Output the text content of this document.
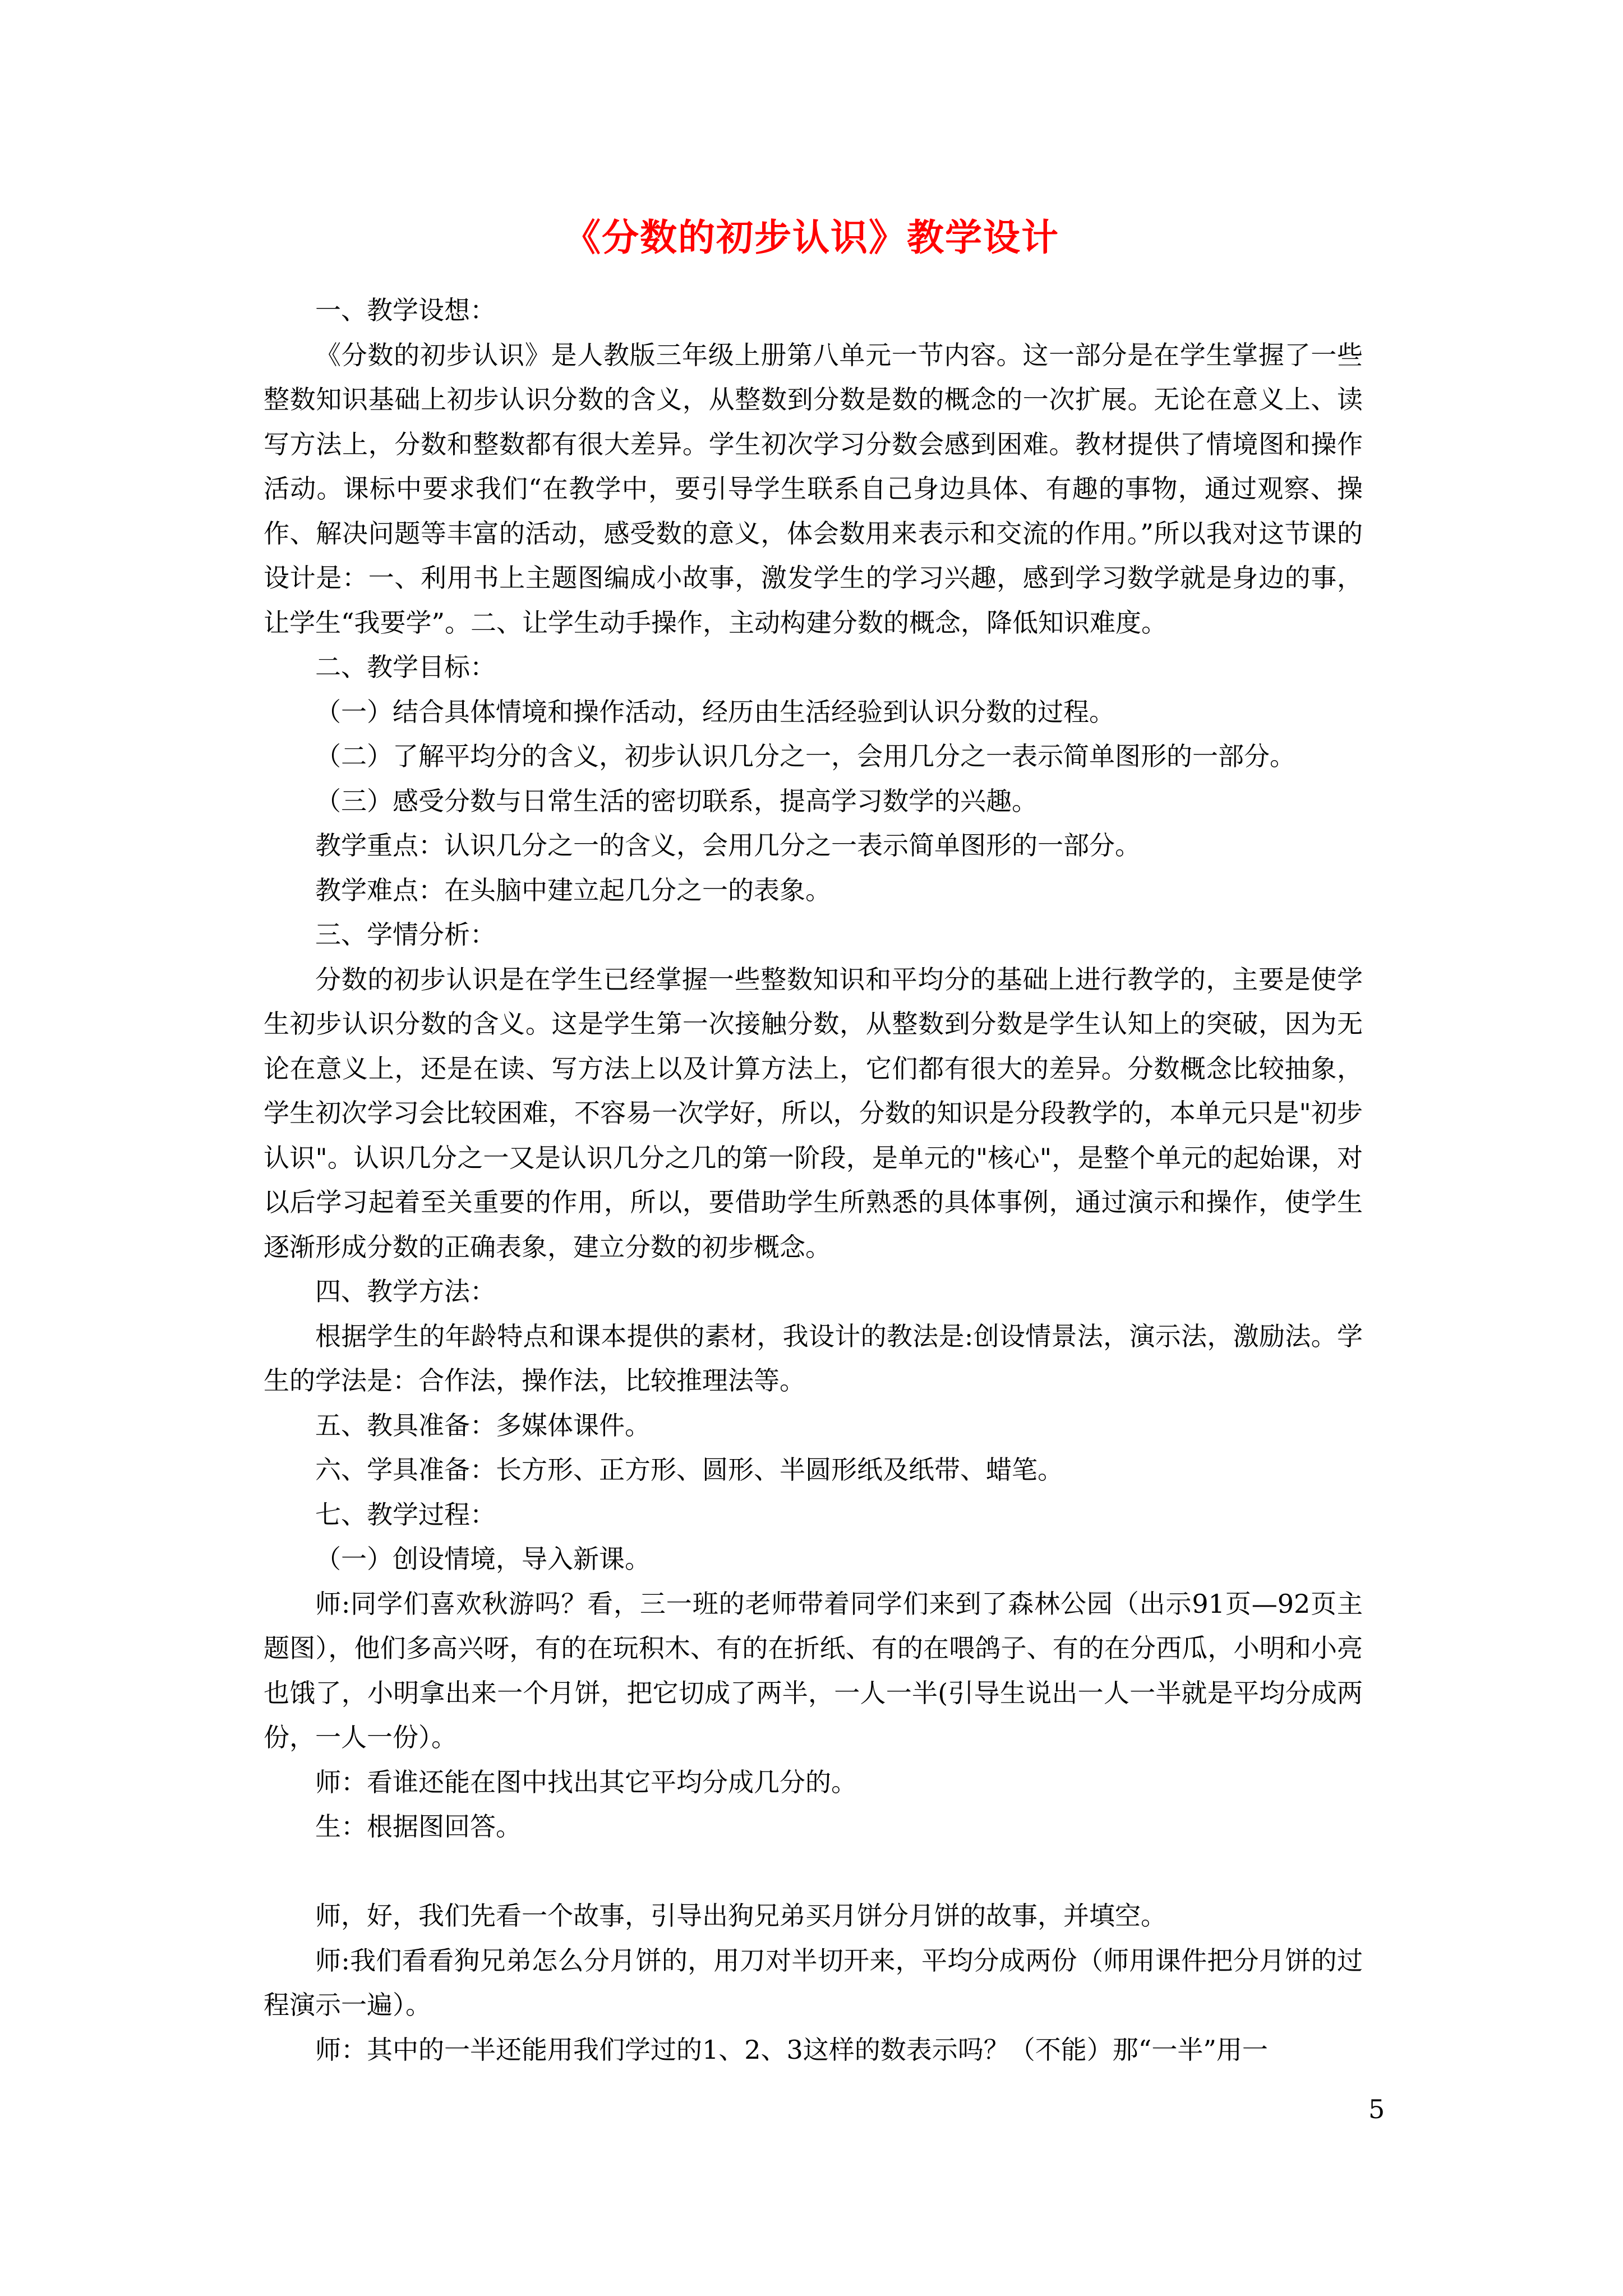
《分数的初步认识》教学设计

一、教学设想：

《分数的初步认识》是人教版三年级上册第八单元一节内容。这一部分是在学生掌握了一些整数知识基础上初步认识分数的含义，从整数到分数是数的概念的一次扩展。无论在意义上、读写方法上，分数和整数都有很大差异。学生初次学习分数会感到困难。教材提供了情境图和操作活动。课标中要求我们“在教学中，要引导学生联系自己身边具体、有趣的事物，通过观察、操作、解决问题等丰富的活动，感受数的意义，体会数用来表示和交流的作用。”所以我对这节课的设计是：一、利用书上主题图编成小故事，激发学生的学习兴趣，感到学习数学就是身边的事，让学生“我要学”。二、让学生动手操作，主动构建分数的概念，降低知识难度。

二、教学目标：

（一）结合具体情境和操作活动，经历由生活经验到认识分数的过程。

（二）了解平均分的含义，初步认识几分之一，会用几分之一表示简单图形的一部分。

（三）感受分数与日常生活的密切联系，提高学习数学的兴趣。

教学重点：认识几分之一的含义，会用几分之一表示简单图形的一部分。

教学难点：在头脑中建立起几分之一的表象。

三、学情分析：

分数的初步认识是在学生已经掌握一些整数知识和平均分的基础上进行教学的，主要是使学生初步认识分数的含义。这是学生第一次接触分数，从整数到分数是学生认知上的突破，因为无论在意义上，还是在读、写方法上以及计算方法上，它们都有很大的差异。分数概念比较抽象，学生初次学习会比较困难，不容易一次学好，所以，分数的知识是分段教学的，本单元只是"初步认识"。认识几分之一又是认识几分之几的第一阶段，是单元的"核心"，是整个单元的起始课，对以后学习起着至关重要的作用，所以，要借助学生所熟悉的具体事例，通过演示和操作，使学生逐渐形成分数的正确表象，建立分数的初步概念。

四、教学方法：

根据学生的年龄特点和课本提供的素材，我设计的教法是:创设情景法，演示法，激励法。学生的学法是：合作法，操作法，比较推理法等。

五、教具准备：多媒体课件。

六、学具准备：长方形、正方形、圆形、半圆形纸及纸带、蜡笔。

七、教学过程：

（一）创设情境，导入新课。

师:同学们喜欢秋游吗？看，三一班的老师带着同学们来到了森林公园（出示91页—92页主题图），他们多高兴呀，有的在玩积木、有的在折纸、有的在喂鸽子、有的在分西瓜，小明和小亮也饿了，小明拿出来一个月饼，把它切成了两半，一人一半(引导生说出一人一半就是平均分成两份，一人一份）。

师：看谁还能在图中找出其它平均分成几分的。

生：根据图回答。

师，好，我们先看一个故事，引导出狗兄弟买月饼分月饼的故事，并填空。

师:我们看看狗兄弟怎么分月饼的，用刀对半切开来，平均分成两份（师用课件把分月饼的过程演示一遍）。

师：其中的一半还能用我们学过的1、2、3这样的数表示吗？（不能）那“一半”用一

5
